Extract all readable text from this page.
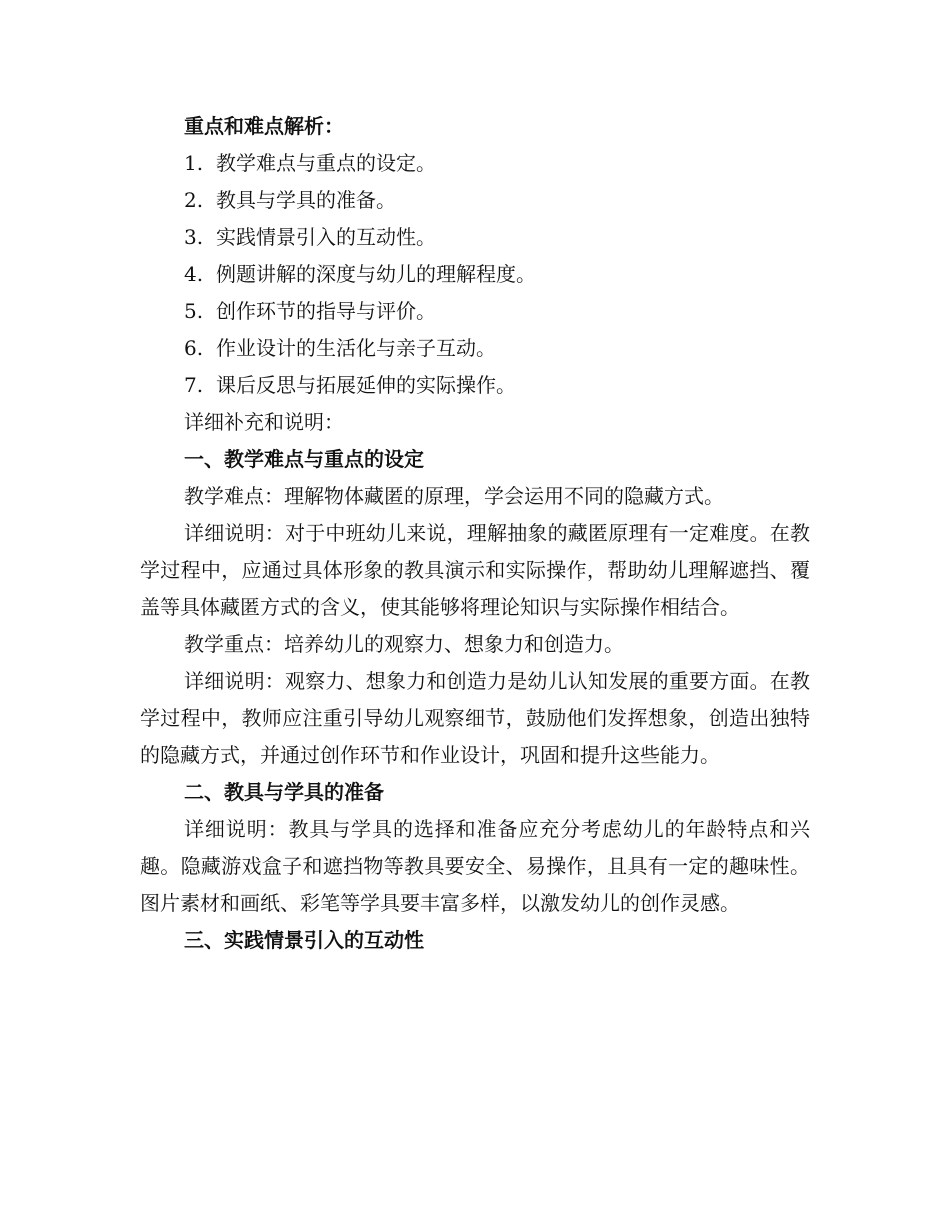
重点和难点解析：

1. 教学难点与重点的设定。

2. 教具与学具的准备。

3. 实践情景引入的互动性。

4. 例题讲解的深度与幼儿的理解程度。

5. 创作环节的指导与评价。

6. 作业设计的生活化与亲子互动。

7. 课后反思与拓展延伸的实际操作。

详细补充和说明：

一、教学难点与重点的设定

教学难点：理解物体藏匿的原理，学会运用不同的隐藏方式。

详细说明：对于中班幼儿来说，理解抽象的藏匿原理有一定难度。在教学过程中，应通过具体形象的教具演示和实际操作，帮助幼儿理解遮挡、覆盖等具体藏匿方式的含义，使其能够将理论知识与实际操作相结合。

教学重点：培养幼儿的观察力、想象力和创造力。

详细说明：观察力、想象力和创造力是幼儿认知发展的重要方面。在教学过程中，教师应注重引导幼儿观察细节，鼓励他们发挥想象，创造出独特的隐藏方式，并通过创作环节和作业设计，巩固和提升这些能力。

二、教具与学具的准备

详细说明：教具与学具的选择和准备应充分考虑幼儿的年龄特点和兴趣。隐藏游戏盒子和遮挡物等教具要安全、易操作，且具有一定的趣味性。图片素材和画纸、彩笔等学具要丰富多样，以激发幼儿的创作灵感。

三、实践情景引入的互动性
